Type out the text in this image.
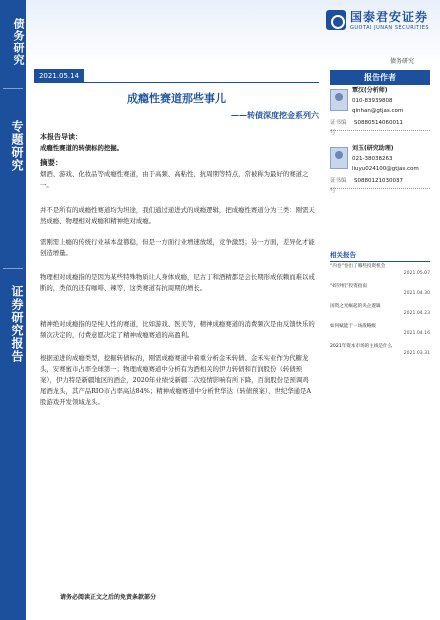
债务研究
专题研究
证券研究报告
国泰君安证券
GUOTAI JUNAN SECURITIES
债务研究
2021.05.14
成瘾性赛道那些事儿
——转债深度挖金系列六
本报告导读：
成瘾性赛道的转债标的挖掘。
摘要：
烟酒、游戏、化妆品等成瘾性赛道，由于高频、高粘性、抗周期等特点，常被称为最好的赛道之一。
并不是所有的成瘾性赛道均为坦途，我们通过递进式的成瘾逻辑，把成瘾性赛道分为三类：刚需天然成瘾、物理相对成瘾和精神绝对成瘾。
需刚需上瘾的传统行业基本盘篡稳，但是一方面行业增速放缓，竞争激烈；另一方面，差异化才能创造增量。
物理相对成瘾指的是因为某些特殊物质让人身体成瘾，尼古丁和酒精都是会长期形成依赖而难以戒断的，类似的还有咖啡、辣等，这类赛道有抗周期的增长。
精神绝对成瘾指的是纯人性的赛道，比如游戏、医美等，精神成瘾赛道的消费频次是由反馈快乐的频次决定的，付费意愿决定了精神成瘾赛道的高盈利。
根据递进的成瘾类型，挖掘转债标的，刚需成瘾赛道中着重分析金禾转债、金禾实业作为代糖龙头，安赛蜜市占率全球第一；物理成瘾赛道中分析有为酒相关的伊力转债和百润股份（转债预案），伊力特是新疆地区的酒企，2020年业绩受新疆二次疫情影响有所下降，百润股份是预调鸡尾酒龙头，其产品RIO市占率高达84%；精神成瘾赛道中分析世华达（转债预案），世纪华通是A股游戏开发领域龙头。
请务必阅读正文之后的免责条款部分
报告作者
覃汉(分析师)
010-83939808
qinhan@gtjas.com
证书编号
S0880514060011
刘玉(研究助理)
021-38038263
liuyu024100@gtjas.com
证书编号
S0880121030037
相关报告
“内卷”卷出了哪些投资机会
2021.05.07
“碎钞机”投资指南
2021.04.30
国资之光崛起的央企逻辑
2021.04.23
如何赋能于一场战略级
2021.04.16
2021年资本市场的主线是什么
2021.03.31
